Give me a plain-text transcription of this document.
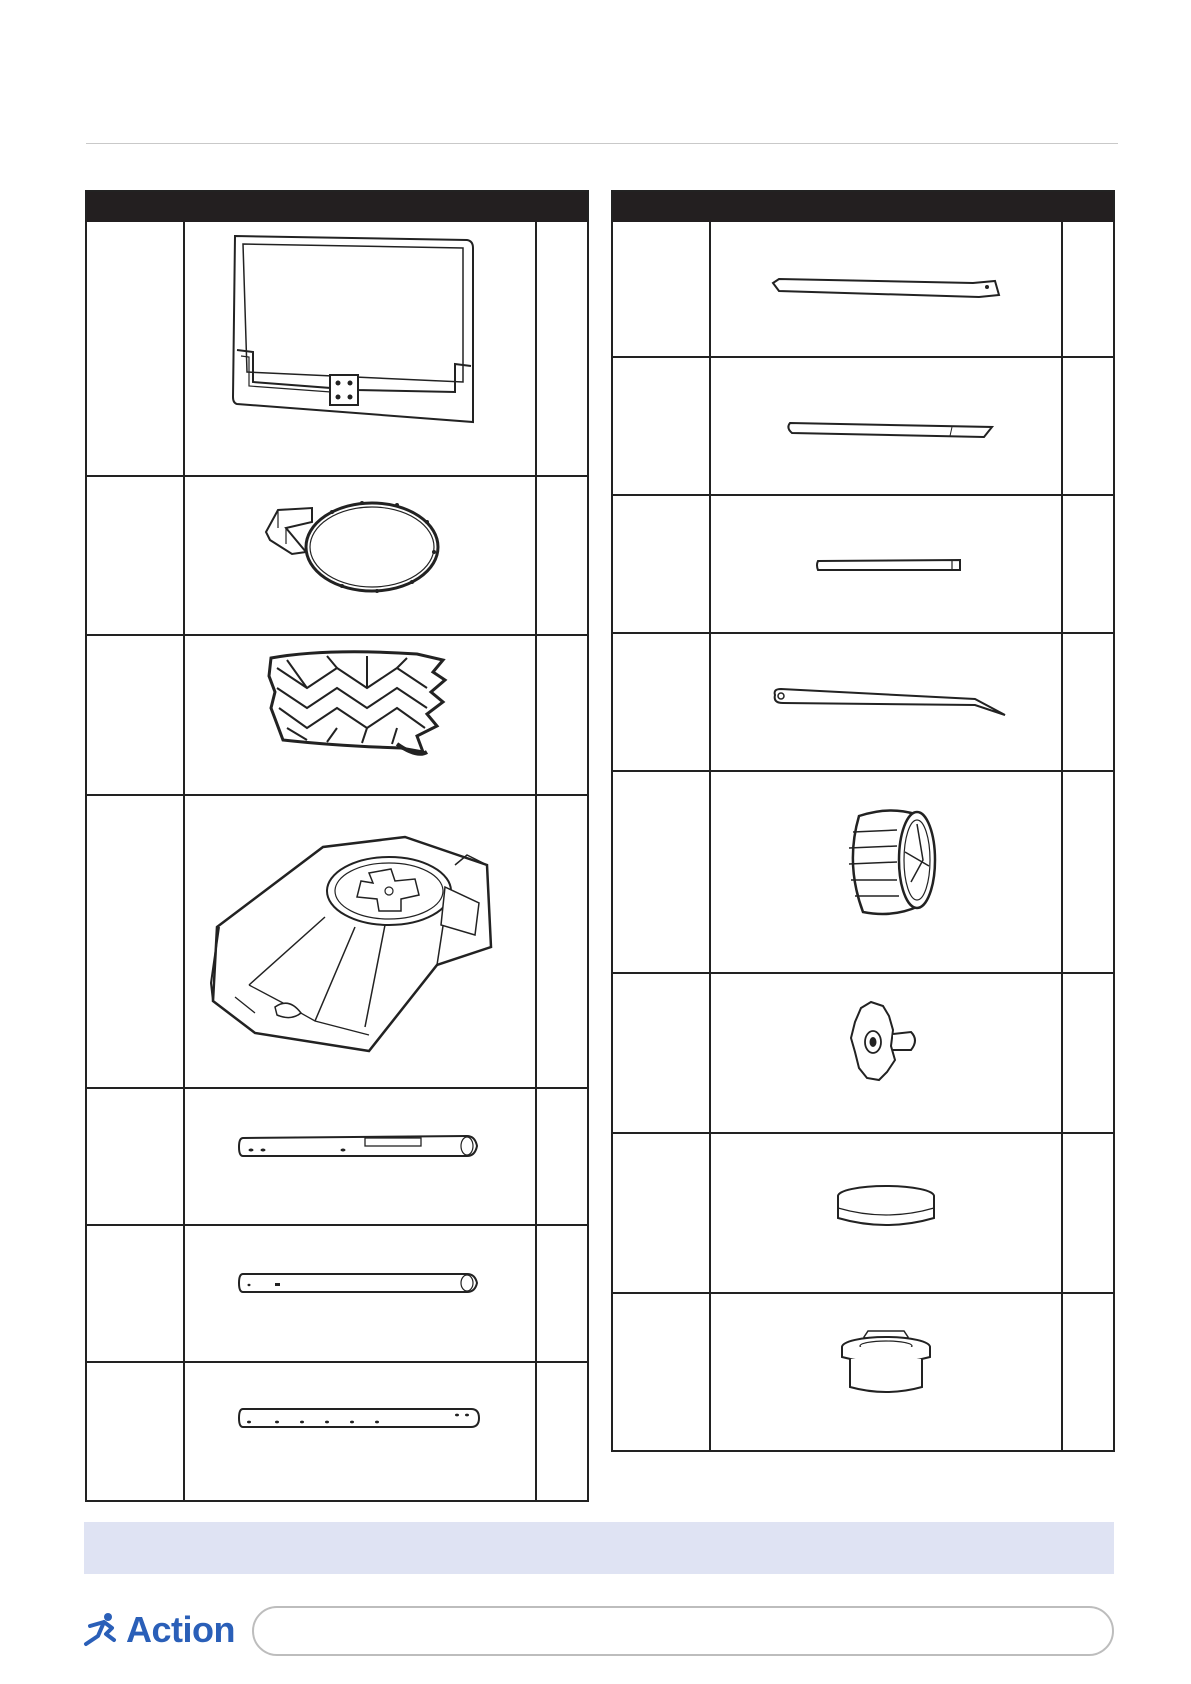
Action
